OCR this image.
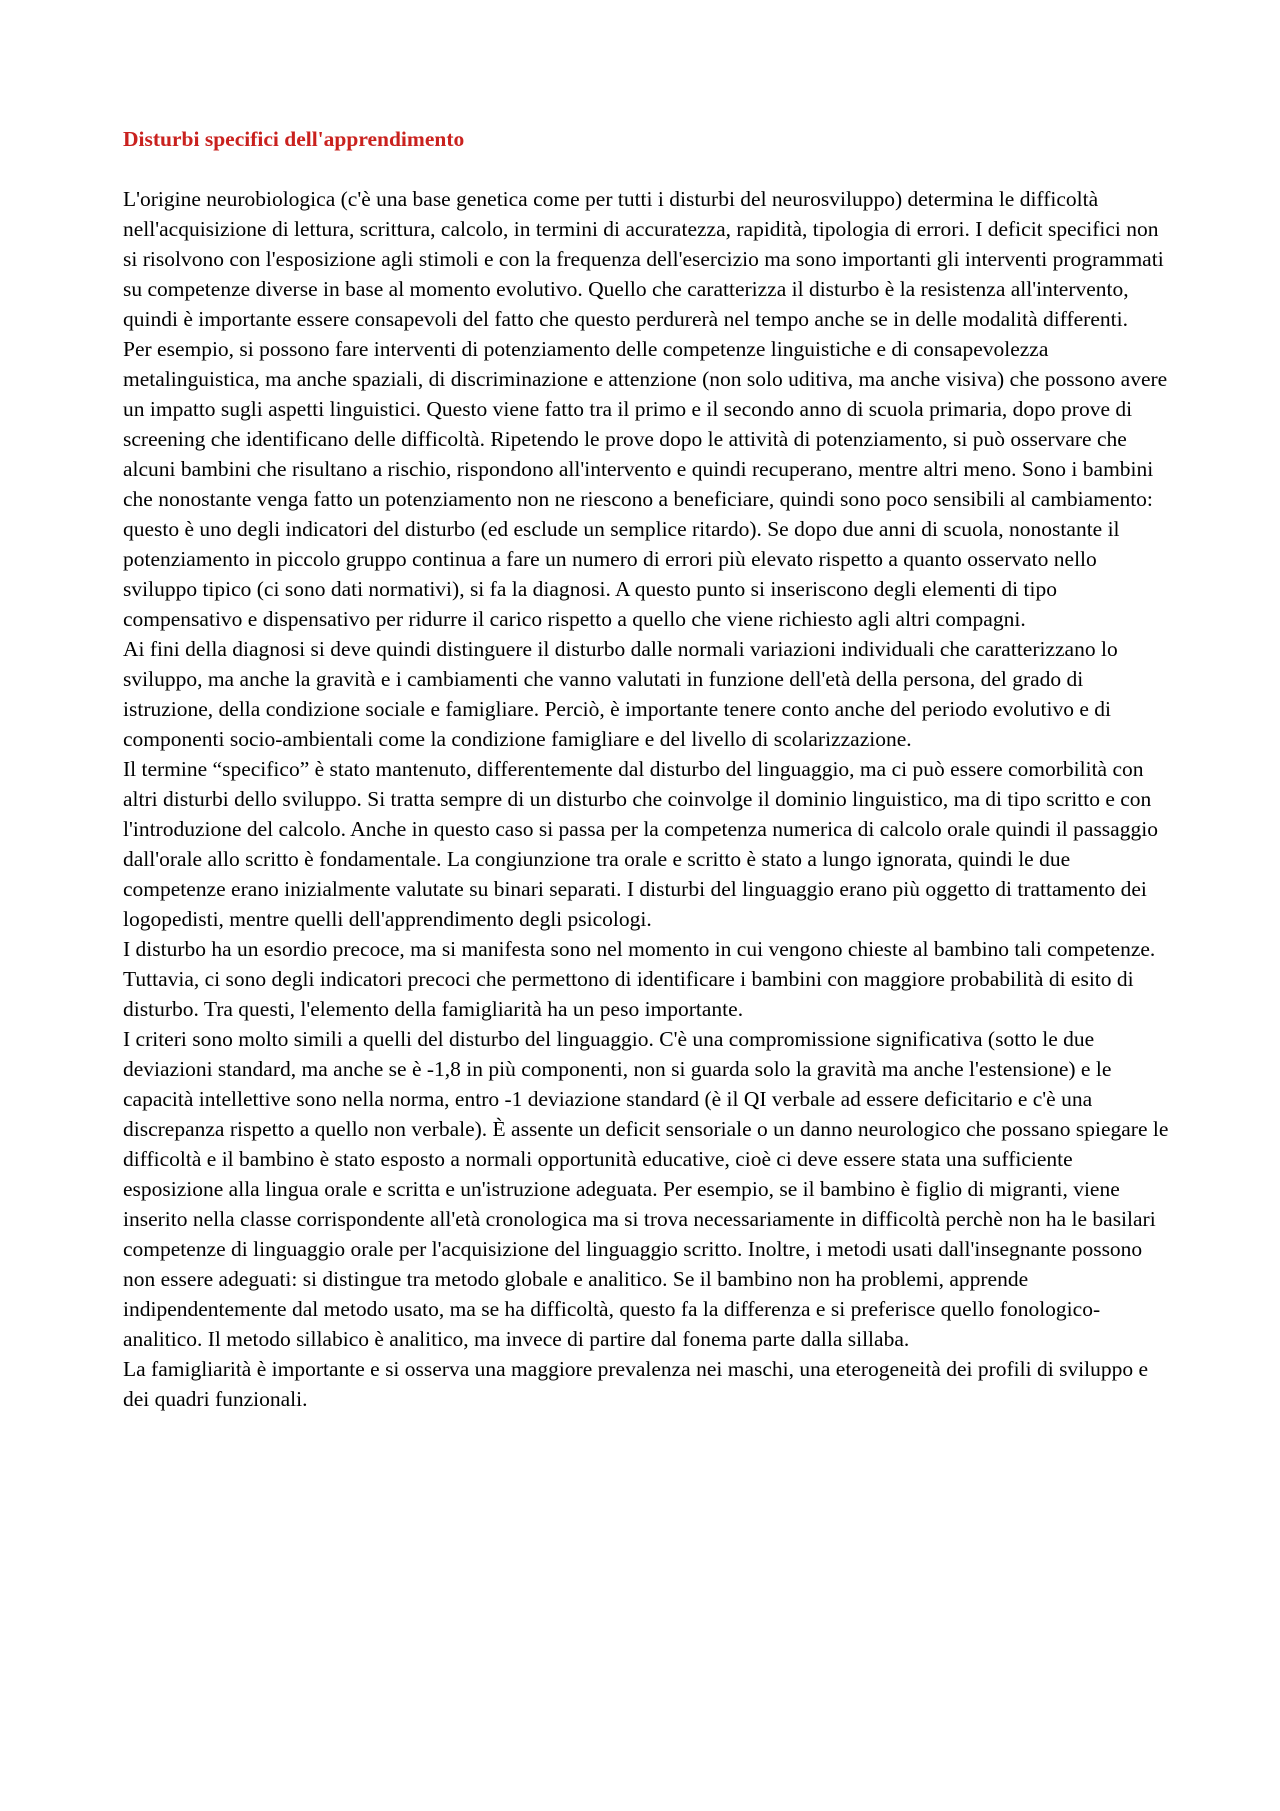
Disturbi specifici dell'apprendimento

L'origine neurobiologica (c'è una base genetica come per tutti i disturbi del neurosviluppo) determina le difficoltà nell'acquisizione di lettura, scrittura, calcolo, in termini di accuratezza, rapidità, tipologia di errori. I deficit specifici non si risolvono con l'esposizione agli stimoli e con la frequenza dell'esercizio ma sono importanti gli interventi programmati su competenze diverse in base al momento evolutivo. Quello che caratterizza il disturbo è la resistenza all'intervento, quindi è importante essere consapevoli del fatto che questo perdurerà nel tempo anche se in delle modalità differenti.

Per esempio, si possono fare interventi di potenziamento delle competenze linguistiche e di consapevolezza metalinguistica, ma anche spaziali, di discriminazione e attenzione (non solo uditiva, ma anche visiva) che possono avere un impatto sugli aspetti linguistici. Questo viene fatto tra il primo e il secondo anno di scuola primaria, dopo prove di screening che identificano delle difficoltà. Ripetendo le prove dopo le attività di potenziamento, si può osservare che alcuni bambini che risultano a rischio, rispondono all'intervento e quindi recuperano, mentre altri meno. Sono i bambini che nonostante venga fatto un potenziamento non ne riescono a beneficiare, quindi sono poco sensibili al cambiamento: questo è uno degli indicatori del disturbo (ed esclude un semplice ritardo). Se dopo due anni di scuola, nonostante il potenziamento in piccolo gruppo continua a fare un numero di errori più elevato rispetto a quanto osservato nello sviluppo tipico (ci sono dati normativi), si fa la diagnosi. A questo punto si inseriscono degli elementi di tipo compensativo e dispensativo per ridurre il carico rispetto a quello che viene richiesto agli altri compagni.

Ai fini della diagnosi si deve quindi distinguere il disturbo dalle normali variazioni individuali che caratterizzano lo sviluppo, ma anche la gravità e i cambiamenti che vanno valutati in funzione dell'età della persona, del grado di istruzione, della condizione sociale e famigliare. Perciò, è importante tenere conto anche del periodo evolutivo e di componenti socio-ambientali come la condizione famigliare e del livello di scolarizzazione.

Il termine “specifico” è stato mantenuto, differentemente dal disturbo del linguaggio, ma ci può essere comorbilità con altri disturbi dello sviluppo. Si tratta sempre di un disturbo che coinvolge il dominio linguistico, ma di tipo scritto e con l'introduzione del calcolo. Anche in questo caso si passa per la competenza numerica di calcolo orale quindi il passaggio dall'orale allo scritto è fondamentale. La congiunzione tra orale e scritto è stato a lungo ignorata, quindi le due competenze erano inizialmente valutate su binari separati. I disturbi del linguaggio erano più oggetto di trattamento dei logopedisti, mentre quelli dell'apprendimento degli psicologi.

I disturbo ha un esordio precoce, ma si manifesta sono nel momento in cui vengono chieste al bambino tali competenze. Tuttavia, ci sono degli indicatori precoci che permettono di identificare i bambini con maggiore probabilità di esito di disturbo. Tra questi, l'elemento della famigliarità ha un peso importante.

I criteri sono molto simili a quelli del disturbo del linguaggio. C'è una compromissione significativa (sotto le due deviazioni standard, ma anche se è -1,8 in più componenti, non si guarda solo la gravità ma anche l'estensione) e le capacità intellettive sono nella norma, entro -1 deviazione standard (è il QI verbale ad essere deficitario e c'è una discrepanza rispetto a quello non verbale). È assente un deficit sensoriale o un danno neurologico che possano spiegare le difficoltà e il bambino è stato esposto a normali opportunità educative, cioè ci deve essere stata una sufficiente esposizione alla lingua orale e scritta e un'istruzione adeguata. Per esempio, se il bambino è figlio di migranti, viene inserito nella classe corrispondente all'età cronologica ma si trova necessariamente in difficoltà perchè non ha le basilari competenze di linguaggio orale per l'acquisizione del linguaggio scritto. Inoltre, i metodi usati dall'insegnante possono non essere adeguati: si distingue tra metodo globale e analitico. Se il bambino non ha problemi, apprende indipendentemente dal metodo usato, ma se ha difficoltà, questo fa la differenza e si preferisce quello fonologico-analitico. Il metodo sillabico è analitico, ma invece di partire dal fonema parte dalla sillaba.

La famigliarità è importante e si osserva una maggiore prevalenza nei maschi, una eterogeneità dei profili di sviluppo e dei quadri funzionali.
